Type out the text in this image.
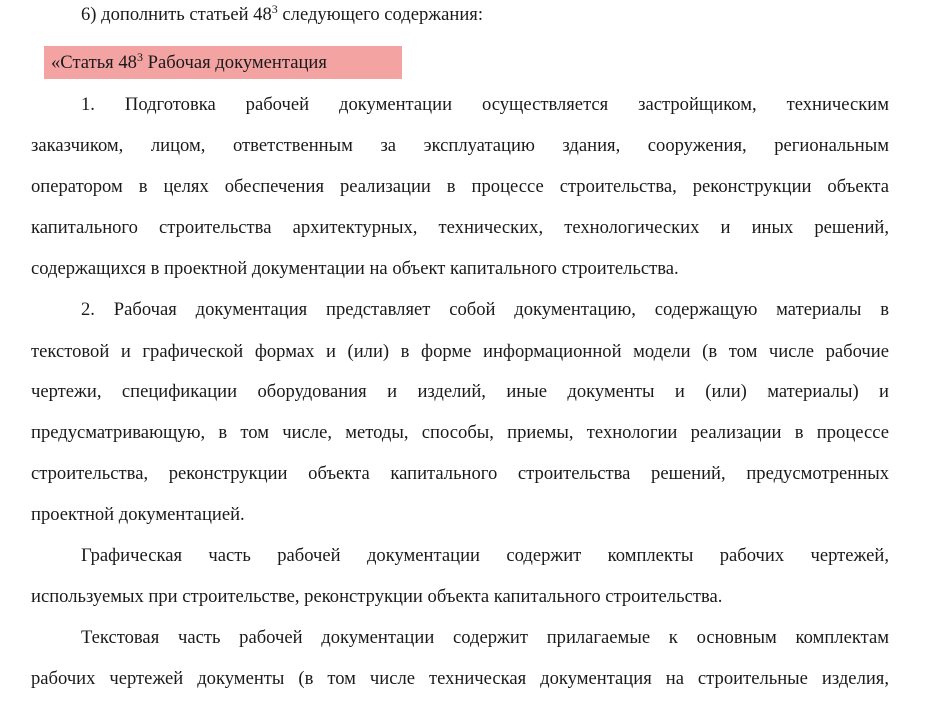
6) дополнить статьей $48^3$ следующего содержания:
1. Подготовка рабочей документации осуществляется застройщиком, техническим
заказчиком, лицом, ответственным за эксплуатацию здания, сооружения, региональным
оператором в целях обеспечения реализации в процессе строительства, реконструкции объекта
капитального строительства архитектурных, технических, технологических и иных решений,
содержащихся в проектной документации на объект капитального строительства.
2. Рабочая документация представляет собой документацию, содержащую материалы в
текстовой и графической формах и (или) в форме информационной модели (в том числе рабочие
чертежи, спецификации оборудования и изделий, иные документы и (или) материалы) и
предусматривающую, в том числе, методы, способы, приемы, технологии реализации в процессе
строительства, реконструкции объекта капитального строительства решений, предусмотренных
проектной документацией.
Графическая часть рабочей документации содержит комплекты рабочих чертежей,
используемых при строительстве, реконструкции объекта капитального строительства.
Текстовая часть рабочей документации содержит прилагаемые к основным комплектам
рабочих чертежей документы (в том числе техническая документация на строительные изделия,
«Статья $48^3$ Рабочая документация
